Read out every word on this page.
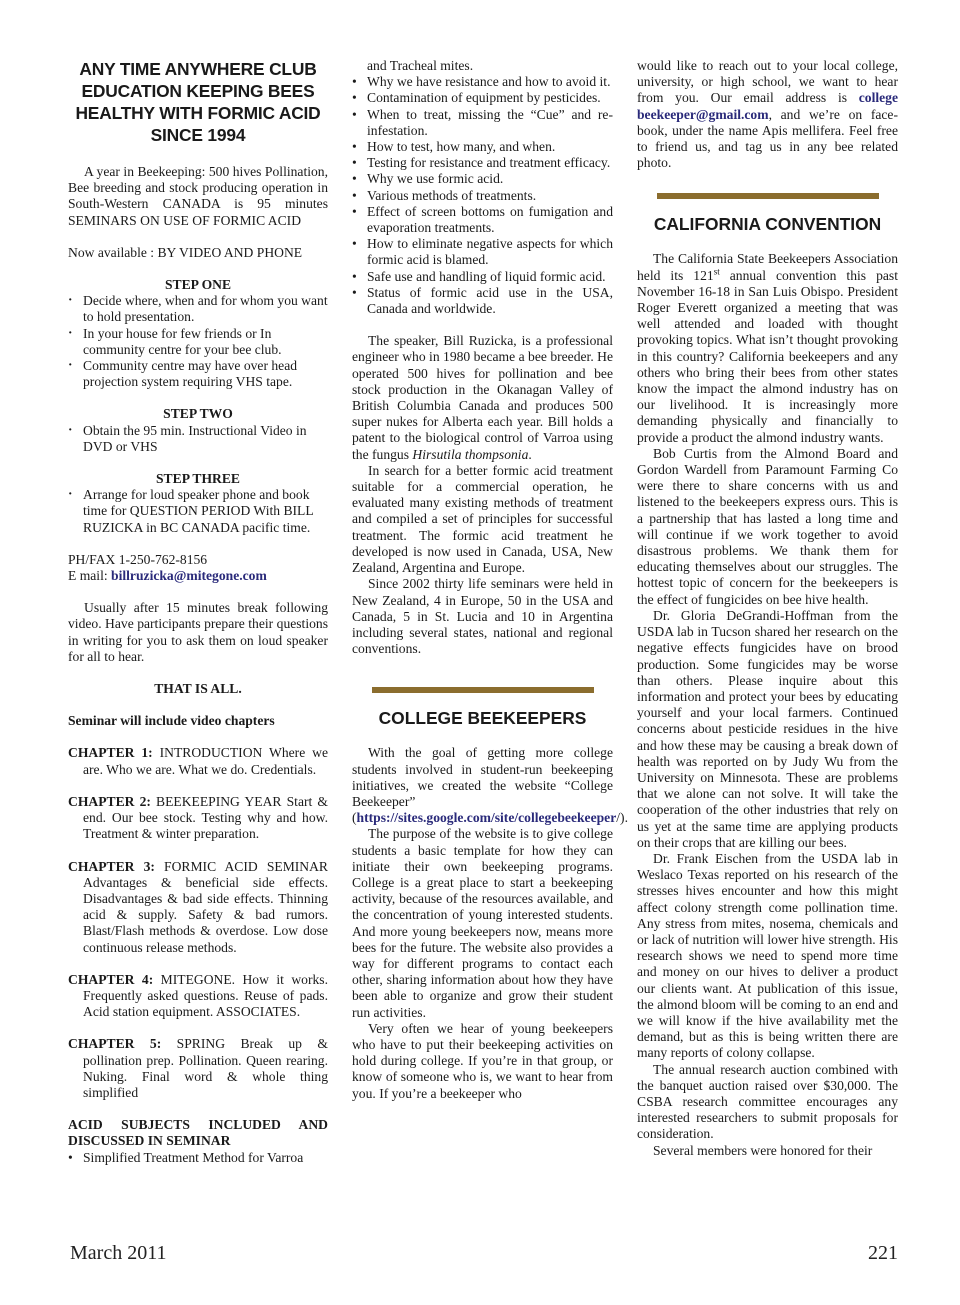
ANY TIME ANYWHERE CLUB EDUCATION KEEPING BEES HEALTHY WITH FORMIC ACID SINCE 1994

A year in Beekeeping: 500 hives Pollination, Bee breeding and stock producing operation in South-Western CANADA is 95 minutes SEMINARS ON USE OF FORMIC ACID

Now available : BY VIDEO AND PHONE

STEP ONE
· Decide where, when and for whom you want to hold presentation.
· In your house for few friends or In community centre for your bee club.
· Community centre may have over head projection system requiring VHS tape.
STEP TWO
· Obtain the 95 min. Instructional Video in DVD or VHS
STEP THREE
· Arrange for loud speaker phone and book time for QUESTION PERIOD With BILL RUZICKA in BC CANADA pacific time.

PH/FAX 1-250-762-8156

E mail: billruzicka@mitegone.com

Usually after 15 minutes break following video. Have participants prepare their questions in writing for you to ask them on loud speaker for all to hear.

THAT IS ALL.

Seminar will include video chapters

CHAPTER 1: INTRODUCTION Where we are. Who we are. What we do. Credentials.

CHAPTER 2: BEEKEEPING YEAR Start & end. Our bee stock. Testing why and how. Treatment & winter preparation.

CHAPTER 3: FORMIC ACID SEMINAR Advantages & beneficial side effects. Disadvantages & bad side effects. Thinning acid & supply. Safety & bad rumors. Blast/Flash methods & overdose. Low dose continuous release methods.

CHAPTER 4: MITEGONE. How it works. Frequently asked questions. Reuse of pads. Acid station equipment. ASSOCIATES.

CHAPTER 5: SPRING Break up & pollination prep. Pollination. Queen rearing. Nuking. Final word & whole thing simplified

ACID SUBJECTS INCLUDED AND DISCUSSED IN SEMINAR

• Simplified Treatment Method for Varroa

and Tracheal mites.

• Why we have resistance and how to avoid it.
• Contamination of equipment by pesticides.
• When to treat, missing the “Cue” and re-infestation.
• How to test, how many, and when.
• Testing for resistance and treatment efficacy.
• Why we use formic acid.
• Various methods of treatments.
• Effect of screen bottoms on fumigation and evaporation treatments.
• How to eliminate negative aspects for which formic acid is blamed.
• Safe use and handling of liquid formic acid.
• Status of formic acid use in the USA, Canada and worldwide.

The speaker, Bill Ruzicka, is a professional engineer who in 1980 became a bee breeder. He operated 500 hives for pollination and bee stock production in the Okanagan Valley of British Columbia Canada and produces 500 super nukes for Alberta each year. Bill holds a patent to the biological control of Varroa using the fungus Hirsutila thompsonia.

In search for a better formic acid treatment suitable for a commercial operation, he evaluated many existing methods of treatment and compiled a set of principles for successful treatment. The formic acid treatment he developed is now used in Canada, USA, New Zealand, Argentina and Europe.

Since 2002 thirty life seminars were held in New Zealand, 4 in Europe, 50 in the USA and Canada, 5 in St. Lucia and 10 in Argentina including several states, national and regional conventions.

COLLEGE BEEKEEPERS

With the goal of getting more college students involved in student-run beekeeping initiatives, we created the website “College Beekeeper” (https://sites.google.com/site/collegebeekeeper/).

The purpose of the website is to give college students a basic template for how they can initiate their own beekeeping programs. College is a great place to start a beekeeping activity, because of the resources available, and the concentration of young interested students. And more young beekeepers now, means more bees for the future. The website also provides a way for different programs to contact each other, sharing information about how they have been able to organize and grow their student run activities.

Very often we hear of young beekeepers who have to put their beekeeping activities on hold during college. If you’re in that group, or know of someone who is, we want to hear from you. If you’re a beekeeper who

would like to reach out to your local college, university, or high school, we want to hear from you. Our email address is college beekeeper@gmail.com, and we’re on face-book, under the name Apis mellifera. Feel free to friend us, and tag us in any bee related photo.

CALIFORNIA CONVENTION

The California State Beekeepers Association held its 121st annual convention this past November 16-18 in San Luis Obispo. President Roger Everett organized a meeting that was well attended and loaded with thought provoking topics. What isn’t thought provoking in this country? California beekeepers and any others who bring their bees from other states know the impact the almond industry has on our livelihood. It is increasingly more demanding physically and financially to provide a product the almond industry wants.

Bob Curtis from the Almond Board and Gordon Wardell from Paramount Farming Co were there to share concerns with us and listened to the beekeepers express ours. This is a partnership that has lasted a long time and will continue if we work together to avoid disastrous problems. We thank them for educating themselves about our struggles. The hottest topic of concern for the beekeepers is the effect of fungicides on bee hive health.

Dr. Gloria DeGrandi-Hoffman from the USDA lab in Tucson shared her research on the negative effects fungicides have on brood production. Some fungicides may be worse than others. Please inquire about this information and protect your bees by educating yourself and your local farmers. Continued concerns about pesticide residues in the hive and how these may be causing a break down of health was reported on by Judy Wu from the University on Minnesota. These are problems that we alone can not solve. It will take the cooperation of the other industries that rely on us yet at the same time are applying products on their crops that are killing our bees.

Dr. Frank Eischen from the USDA lab in Weslaco Texas reported on his research of the stresses hives encounter and how this might affect colony strength come pollination time. Any stress from mites, nosema, chemicals and or lack of nutrition will lower hive strength. His research shows we need to spend more time and money on our hives to deliver a product our clients want. At publication of this issue, the almond bloom will be coming to an end and we will know if the hive availability met the demand, but as this is being written there are many reports of colony collapse.

The annual research auction combined with the banquet auction raised over $30,000. The CSBA research committee encourages any interested researchers to submit proposals for consideration.

Several members were honored for their

March 2011	221
